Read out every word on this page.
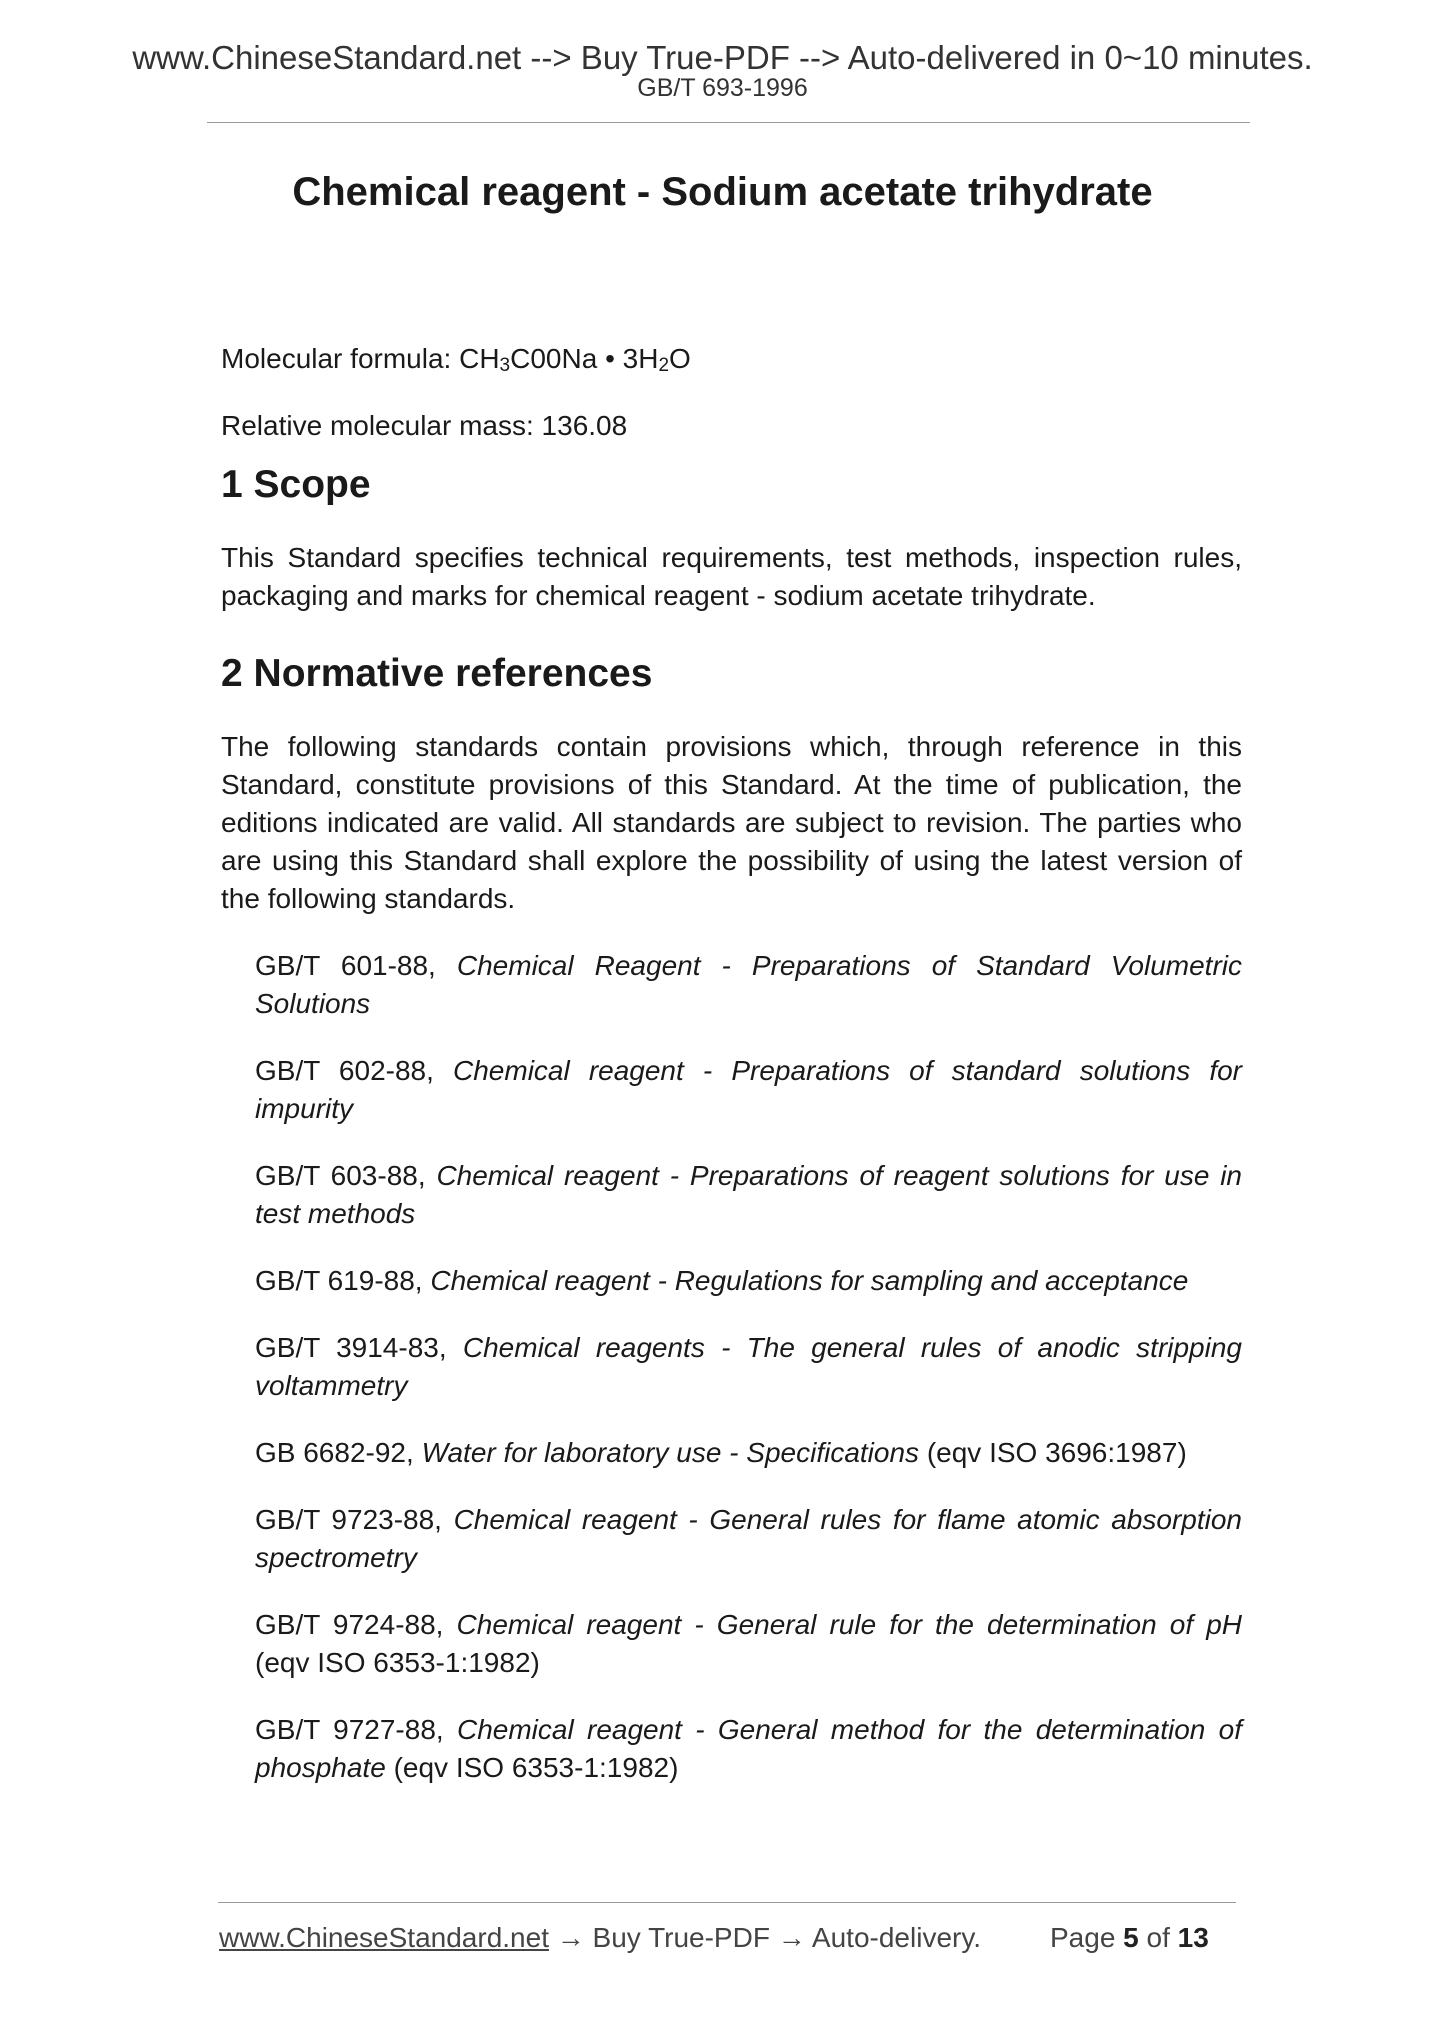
www.ChineseStandard.net --> Buy True-PDF --> Auto-delivered in 0~10 minutes.
GB/T 693-1996
Chemical reagent - Sodium acetate trihydrate

Molecular formula: $CH_3C00Na$ • $3H_2O$

Relative molecular mass: 136.08

1 Scope

This Standard specifies technical requirements, test methods, inspection rules, packaging and marks for chemical reagent - sodium acetate trihydrate.

2 Normative references

The following standards contain provisions which, through reference in this Standard, constitute provisions of this Standard. At the time of publication, the editions indicated are valid. All standards are subject to revision. The parties who are using this Standard shall explore the possibility of using the latest version of the following standards.

GB/T 601-88, Chemical Reagent - Preparations of Standard Volumetric Solutions

GB/T 602-88, Chemical reagent - Preparations of standard solutions for impurity

GB/T 603-88, Chemical reagent - Preparations of reagent solutions for use in test methods

GB/T 619-88, Chemical reagent - Regulations for sampling and acceptance

GB/T 3914-83, Chemical reagents - The general rules of anodic stripping voltammetry

GB 6682-92, Water for laboratory use - Specifications (eqv ISO 3696:1987)

GB/T 9723-88, Chemical reagent - General rules for flame atomic absorption spectrometry

GB/T 9724-88, Chemical reagent - General rule for the determination of pH (eqv ISO 6353-1:1982)

GB/T 9727-88, Chemical reagent - General method for the determination of phosphate (eqv ISO 6353-1:1982)

www.ChineseStandard.net → Buy True-PDF → Auto-delivery. Page 5 of 13
